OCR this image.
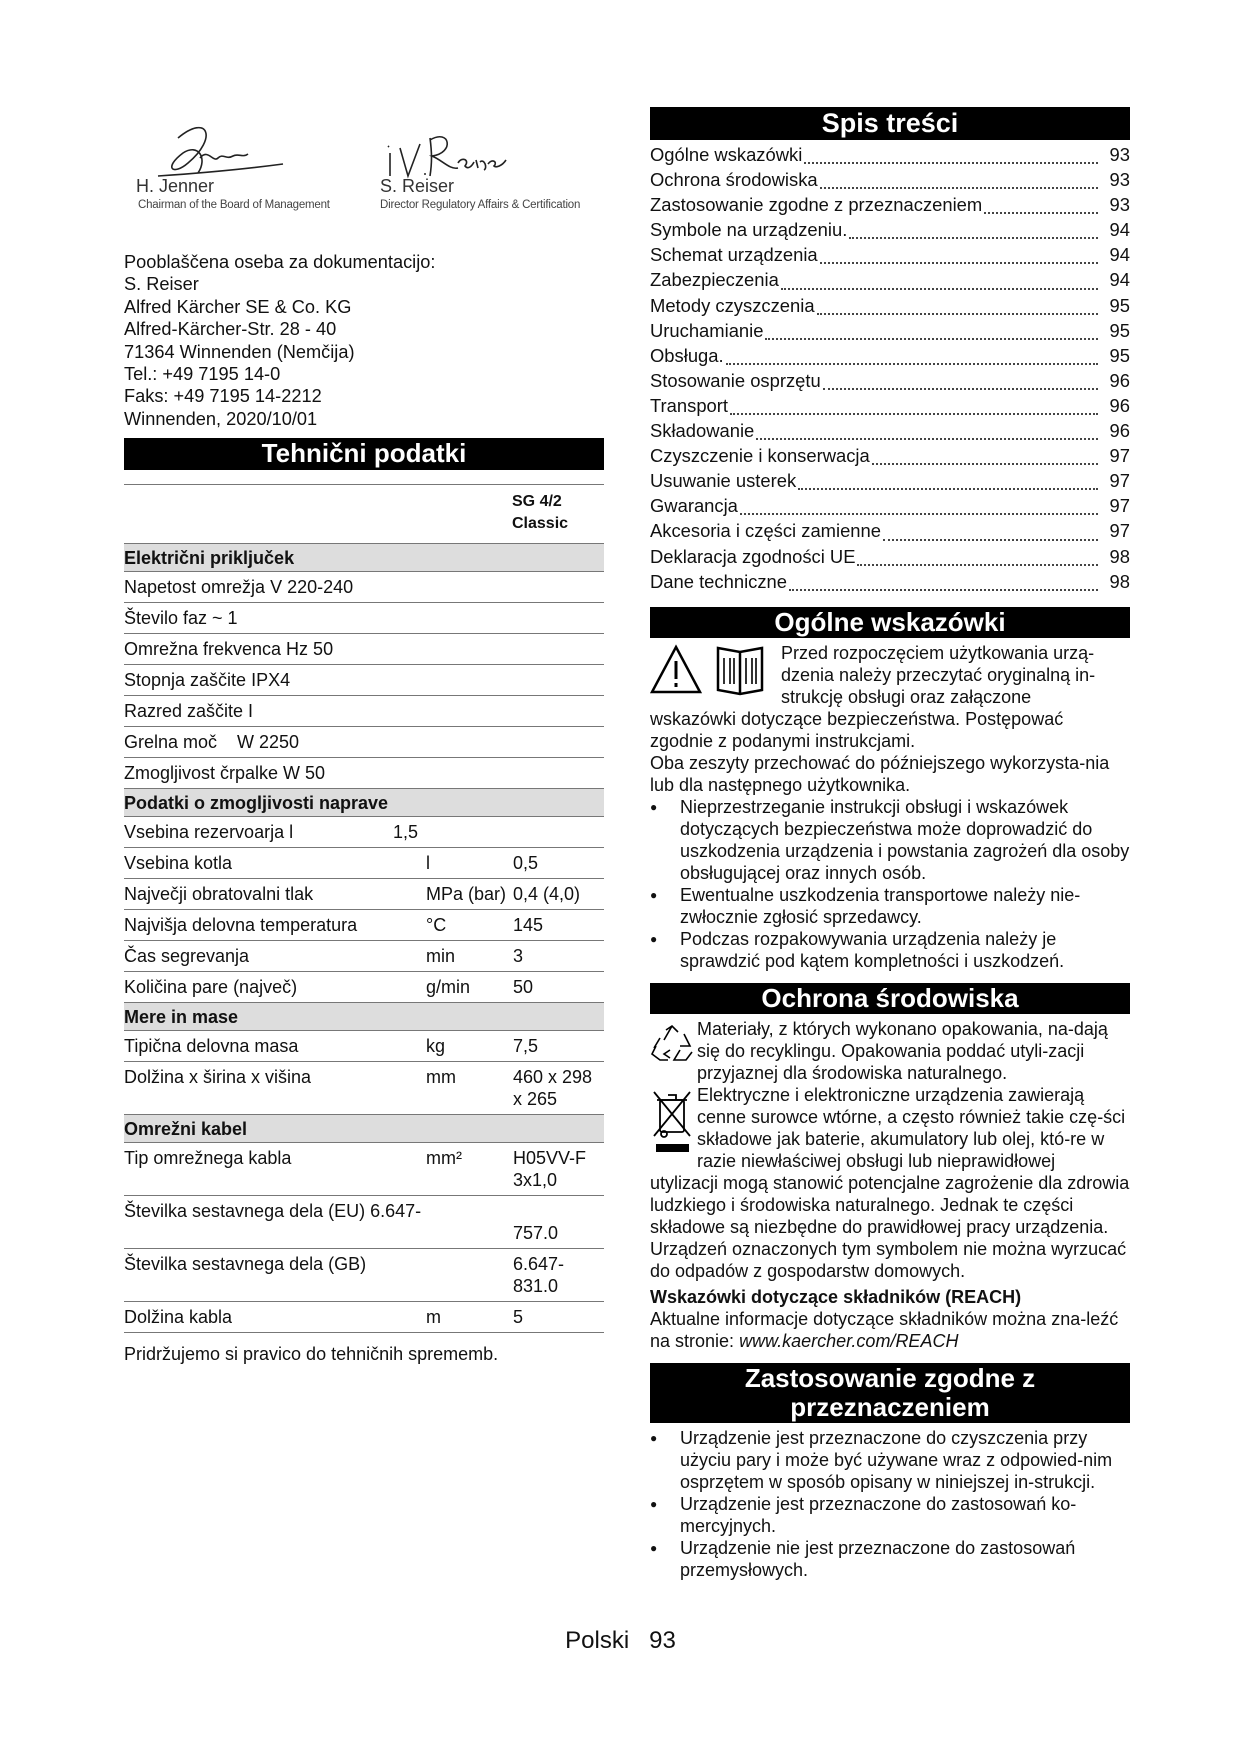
H. Jenner
Chairman of the Board of Management
S. Reiser
Director Regulatory Affairs & Certification
Pooblaščena oseba za dokumentacijo:
S. Reiser
Alfred Kärcher SE & Co. KG
Alfred-Kärcher-Str. 28 - 40
71364 Winnenden (Nemčija)
Tel.: +49 7195 14-0
Faks: +49 7195 14-2212
Winnenden, 2020/10/01
Tehnični podatki
SG 4/2
Classic
Električni priključek
Napetost omrežja V 220-240		
Število faz ~ 1		
Omrežna frekvenca Hz 50		
Stopnja zaščite IPX4		
Razred zaščite I		
Grelna moč    W 2250		
Zmogljivost črpalke W 50		
Podatki o zmogljivosti naprave
Vsebina rezervoarja l	1,5	
Vsebina kotla	l	0,5
Največji obratovalni tlak	MPa (bar)	0,4 (4,0)
Najvišja delovna temperatura	°C	145
Čas segrevanja	min	3
Količina pare (največ)	g/min	50
Mere in mase
Tipična delovna masa	kg	7,5
Dolžina x širina x višina	mm	460 x 298 x 265
Omrežni kabel
Tip omrežnega kabla	mm²	H05VV-F 3x1,0
Številka sestavnega dela (EU) 6.647-		757.0
Številka sestavnega dela (GB)		6.647-831.0
Dolžina kabla	m	5
Pridržujemo si pravico do tehničnih sprememb.
Spis treści
Ogólne wskazówki	93
Ochrona środowiska	93
Zastosowanie zgodne z przeznaczeniem	93
Symbole na urządzeniu.	94
Schemat urządzenia	94
Zabezpieczenia	94
Metody czyszczenia	95
Uruchamianie	95
Obsługa.	95
Stosowanie osprzętu	96
Transport	96
Składowanie	96
Czyszczenie i konserwacja	97
Usuwanie usterek	97
Gwarancja	97
Akcesoria i części zamienne	97
Deklaracja zgodności UE	98
Dane techniczne	98
Ogólne wskazówki
Przed rozpoczęciem użytkowania urzą-
dzenia należy przeczytać oryginalną in-
strukcję obsługi oraz załączone
wskazówki dotyczące bezpieczeństwa. Postępować zgodnie z podanymi instrukcjami.
Oba zeszyty przechować do późniejszego wykorzysta-nia lub dla następnego użytkownika.
● Nieprzestrzeganie instrukcji obsługi i wskazówek dotyczących bezpieczeństwa może doprowadzić do uszkodzenia urządzenia i powstania zagrożeń dla osoby obsługującej oraz innych osób.
● Ewentualne uszkodzenia transportowe należy nie-zwłocznie zgłosić sprzedawcy.
● Podczas rozpakowywania urządzenia należy je sprawdzić pod kątem kompletności i uszkodzeń.
Ochrona środowiska
Materiały, z których wykonano opakowania, na-dają się do recyklingu. Opakowania poddać utyli-zacji przyjaznej dla środowiska naturalnego.
Elektryczne i elektroniczne urządzenia zawierają cenne surowce wtórne, a często również takie czę-ści składowe jak baterie, akumulatory lub olej, któ-re w razie niewłaściwej obsługi lub nieprawidłowej
utylizacji mogą stanowić potencjalne zagrożenie dla zdrowia ludzkiego i środowiska naturalnego. Jednak te części składowe są niezbędne do prawidłowej pracy urządzenia. Urządzeń oznaczonych tym symbolem nie można wyrzucać do odpadów z gospodarstw domowych.
Wskazówki dotyczące składników (REACH)
Aktualne informacje dotyczące składników można zna-leźć na stronie: www.kaercher.com/REACH
Zastosowanie zgodne z
przeznaczeniem
● Urządzenie jest przeznaczone do czyszczenia przy użyciu pary i może być używane wraz z odpowied-nim osprzętem w sposób opisany w niniejszej in-strukcji.
● Urządzenie jest przeznaczone do zastosowań ko-mercyjnych.
● Urządzenie nie jest przeznaczone do zastosowań przemysłowych.
Polski 93
